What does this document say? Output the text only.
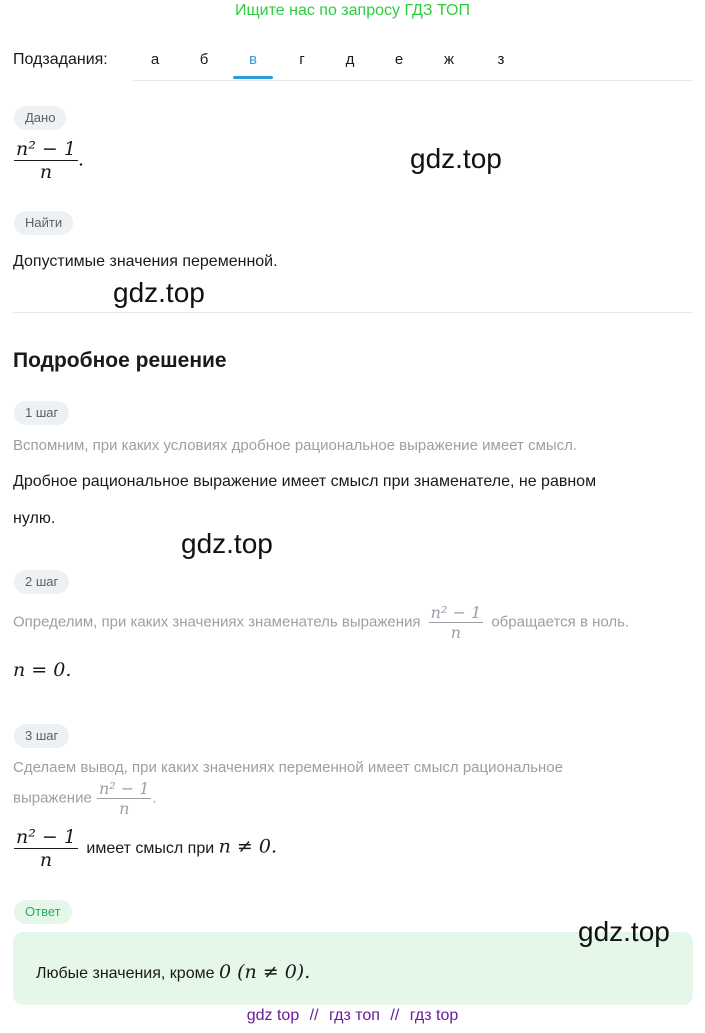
Ищите нас по запросу ГДЗ ТОП
Подзадания:	а	б	в	г	д	е	ж	з
Дано
$\frac{\text{n² − 1}}{n}$ .	gdz.top
Найти
Допустимые значения переменной.
gdz.top
Подробное решение
1 шаг
Вспомним, при каких условиях дробное рациональное выражение имеет смысл.
Дробное рациональное выражение имеет смысл при знаменателе, не равном
нулю.
gdz.top
2 шаг
Определим, при каких значениях знаменатель выражения $\frac{\text{n² − 1}}{n}$ обращается в ноль.
n = 0.
3 шаг
Сделаем вывод, при каких значениях переменной имеет смысл рациональное
выражение $\frac{\text{n² − 1}}{n}$ .
$\frac{\text{n² − 1}}{n}$ имеет смысл при n ≠ 0.
Ответ
gdz.top
Любые значения, кроме 0 (n ≠ 0).
gdz top // гдз топ // гдз top
